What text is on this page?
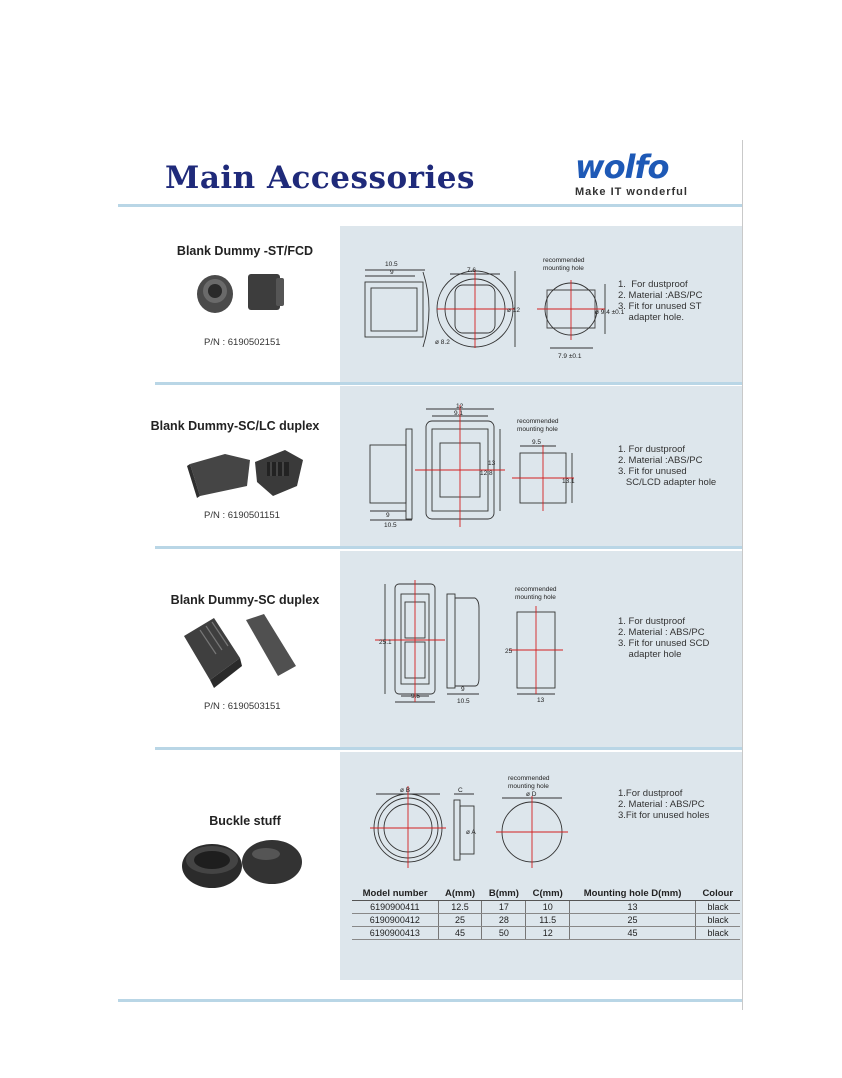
Main Accessories	wolfo
Make IT wonderful
Blank Dummy -ST/FCD
P/N : 6190502151
10.5
9	7.6
ø 12
ø 8.2
ø 9.4 ±0.1
7.9 ±0.1
recommended
mounting hole
1.  For dustproof
2. Material :ABS/PC
3. Fit for unused ST
adapter hole.
Blank Dummy-SC/LC duplex
P/N : 6190501151
12
9.1
12.8
13
9.5
13.1
9
10.5
recommended
mounting hole
1. For dustproof
2. Material :ABS/PC
3. Fit for unused
SC/LCD adapter hole
Blank Dummy-SC duplex
P/N : 6190503151
25.1
9.5
9
10.5
25
13
recommended
mounting hole
1. For dustproof
2. Material : ABS/PC
3. Fit for unused SCD
adapter hole
Buckle stuff
ø B	C
ø A
ø D
recommended
mounting hole
1.For dustproof
2. Material : ABS/PC
3.Fit for unused holes
Model number	A(mm)	B(mm)	C(mm)	Mounting hole D(mm)	Colour
6190900411	12.5	17	10	13	black
6190900412	25	28	11.5	25	black
6190900413	45	50	12	45	black
